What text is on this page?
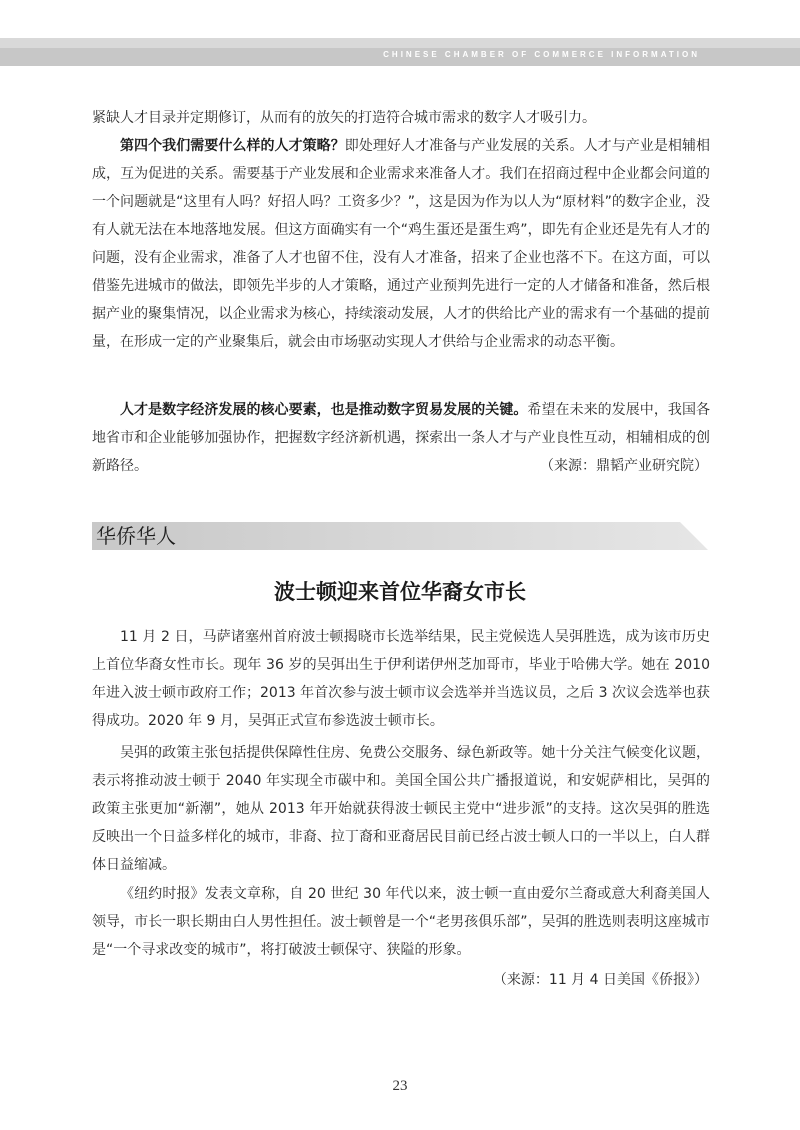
CHINESE CHAMBER OF COMMERCE INFORMATION

紧缺人才目录并定期修订，从而有的放矢的打造符合城市需求的数字人才吸引力。

第四个我们需要什么样的人才策略？即处理好人才准备与产业发展的关系。人才与产业是相辅相成，互为促进的关系。需要基于产业发展和企业需求来准备人才。我们在招商过程中企业都会问道的一个问题就是“这里有人吗？好招人吗？工资多少？”，这是因为作为以人为“原材料”的数字企业，没有人就无法在本地落地发展。但这方面确实有一个“鸡生蛋还是蛋生鸡”，即先有企业还是先有人才的问题，没有企业需求，准备了人才也留不住，没有人才准备，招来了企业也落不下。在这方面，可以借鉴先进城市的做法，即领先半步的人才策略，通过产业预判先进行一定的人才储备和准备，然后根据产业的聚集情况，以企业需求为核心，持续滚动发展，人才的供给比产业的需求有一个基础的提前量，在形成一定的产业聚集后，就会由市场驱动实现人才供给与企业需求的动态平衡。

人才是数字经济发展的核心要素，也是推动数字贸易发展的关键。希望在未来的发展中，我国各地省市和企业能够加强协作，把握数字经济新机遇，探索出一条人才与产业良性互动，相辅相成的创新路径。	（来源：鼎韬产业研究院）
华侨华人
波士顿迎来首位华裔女市长

11 月 2 日，马萨诸塞州首府波士顿揭晓市长选举结果，民主党候选人吴弭胜选，成为该市历史上首位华裔女性市长。现年 36 岁的吴弭出生于伊利诺伊州芝加哥市，毕业于哈佛大学。她在 2010 年进入波士顿市政府工作；2013 年首次参与波士顿市议会选举并当选议员，之后 3 次议会选举也获得成功。2020 年 9 月，吴弭正式宣布参选波士顿市长。

吴弭的政策主张包括提供保障性住房、免费公交服务、绿色新政等。她十分关注气候变化议题，表示将推动波士顿于 2040 年实现全市碳中和。美国全国公共广播报道说，和安妮萨相比，吴弭的政策主张更加“新潮”，她从 2013 年开始就获得波士顿民主党中“进步派”的支持。这次吴弭的胜选反映出一个日益多样化的城市，非裔、拉丁裔和亚裔居民目前已经占波士顿人口的一半以上，白人群体日益缩减。

《纽约时报》发表文章称，自 20 世纪 30 年代以来，波士顿一直由爱尔兰裔或意大利裔美国人领导，市长一职长期由白人男性担任。波士顿曾是一个“老男孩俱乐部”，吴弭的胜选则表明这座城市是“一个寻求改变的城市”，将打破波士顿保守、狭隘的形象。

（来源：11 月 4 日美国《侨报》）
23
